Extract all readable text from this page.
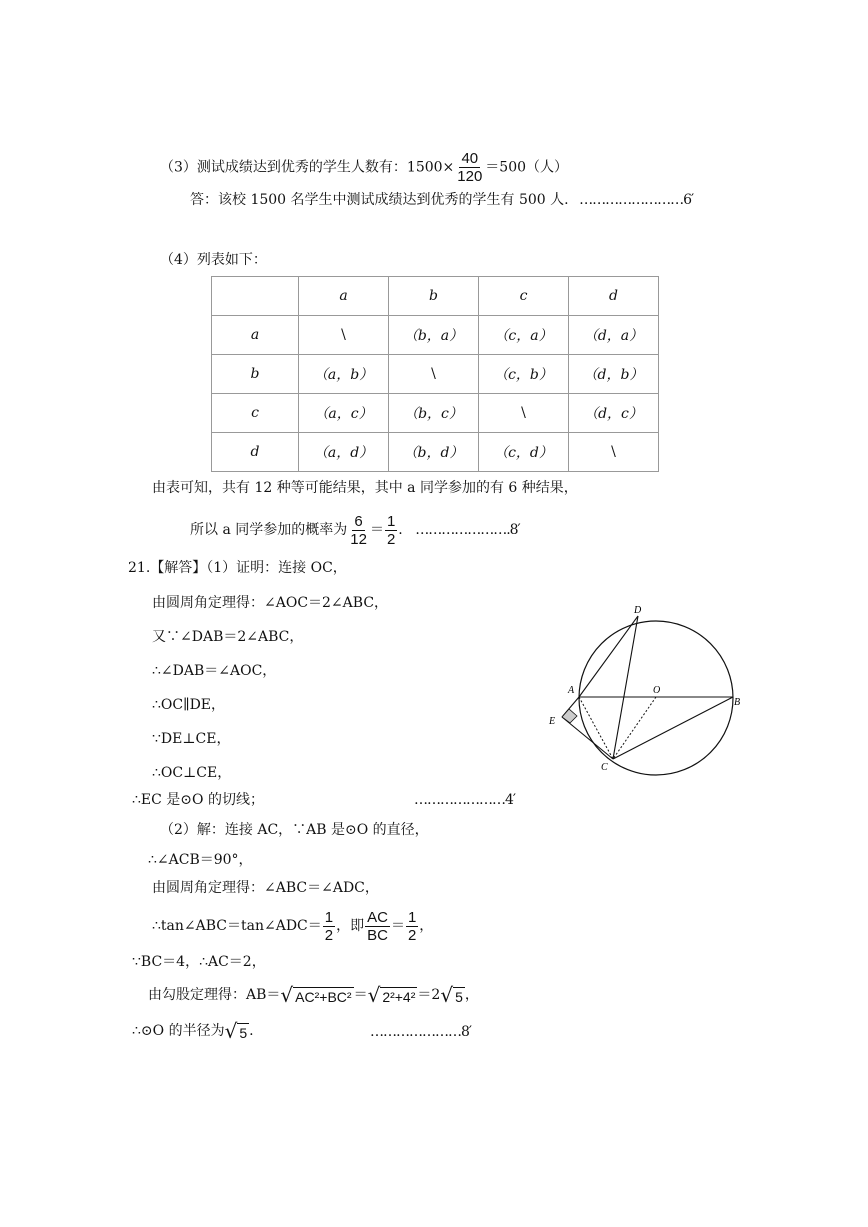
（3）测试成绩达到优秀的学生人数有：$1500\times \frac{40}{120} =500$（人）
答：该校 1500 名学生中测试成绩达到优秀的学生有 500 人. ……………………6′
（4）列表如下：
	a	b	c	d
a	\	（b，a）	（c，a）	（d，a）
b	（a，b）	\	（c，b）	（d，b）
c	（a，c）	（b，c）	\	（d，c）
d	（a，d）	（b，d）	（c，d）	\
由表可知，共有 12 种等可能结果，其中 a 同学参加的有 6 种结果，
所以 a 同学参加的概率为 $\frac{6}{12} = \frac{1}{2}$ . ………………….8′
21.【解答】（1）证明：连接 OC，
由圆周角定理得：∠AOC＝2∠ABC，
又∵∠DAB＝2∠ABC，
∴∠DAB＝∠AOC，
∴OC∥DE，
∵DE⊥CE，
∴OC⊥CE，
∴EC 是⊙O 的切线；	…………………4′
（2）解：连接 AC，∵AB 是⊙O 的直径，
∴∠ACB＝90°，
由圆周角定理得：∠ABC＝∠ADC，
∴tan∠ABC＝tan∠ADC＝ $\frac{1}{2}$ ，即 $\frac{AC}{BC} = \frac{1}{2}$ ，
∵BC＝4，∴AC＝2，
由勾股定理得：AB＝ √ AC²+BC² ＝ √ 2²+4² ＝2 √ 5 ，
∴⊙O 的半径为 √ 5 .	…………………8′
D
A	O
B
E
C
